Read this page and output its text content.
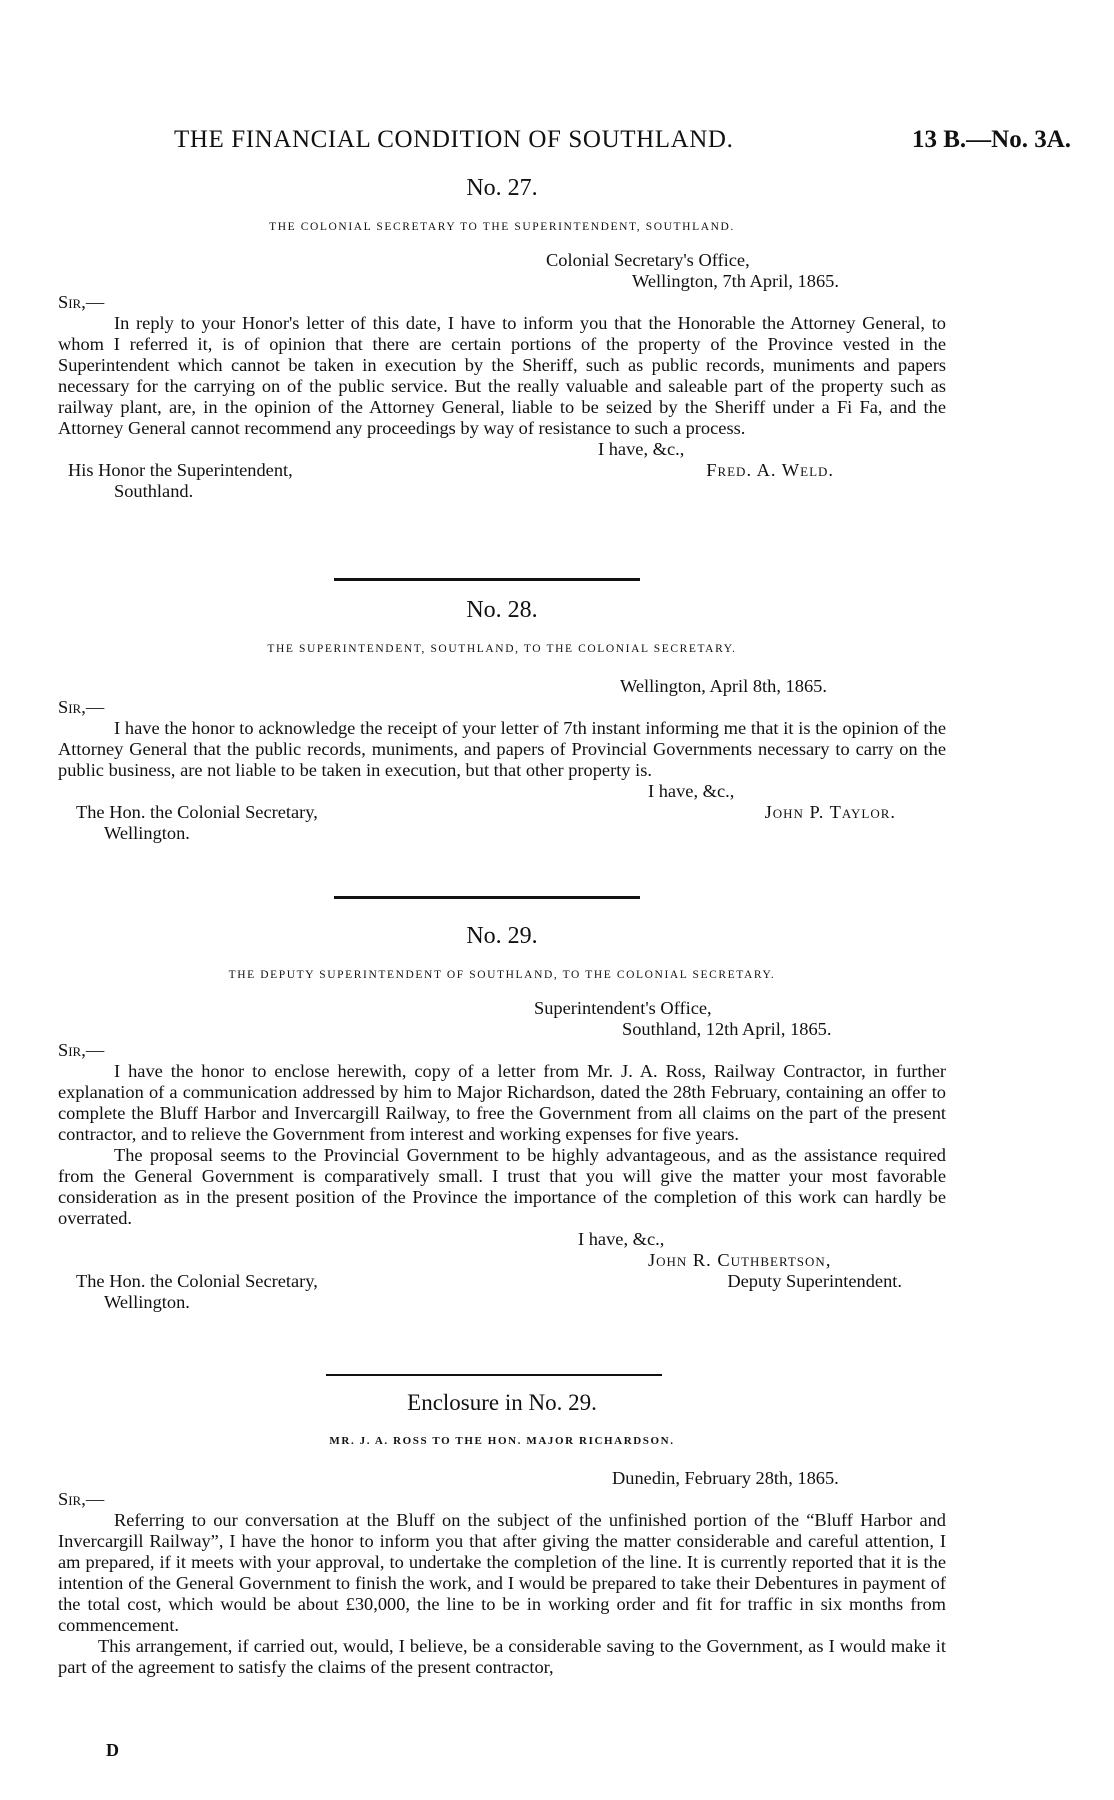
THE FINANCIAL CONDITION OF SOUTHLAND.	13 B.—No. 3A.
No. 27.
THE COLONIAL SECRETARY TO THE SUPERINTENDENT, SOUTHLAND.
Colonial Secretary's Office,
Wellington, 7th April, 1865.
Sir,—

In reply to your Honor's letter of this date, I have to inform you that the Honorable the Attorney General, to whom I referred it, is of opinion that there are certain portions of the property of the Province vested in the Superintendent which cannot be taken in execution by the Sheriff, such as public records, muniments and papers necessary for the carrying on of the public service. But the really valuable and saleable part of the property such as railway plant, are, in the opinion of the Attorney General, liable to be seized by the Sheriff under a Fi Fa, and the Attorney General cannot recommend any proceedings by way of resistance to such a process.

I have, &c.,
His Honor the Superintendent,
Southland.
Fred. A. Weld.
No. 28.
THE SUPERINTENDENT, SOUTHLAND, TO THE COLONIAL SECRETARY.
Wellington, April 8th, 1865.
Sir,—

I have the honor to acknowledge the receipt of your letter of 7th instant informing me that it is the opinion of the Attorney General that the public records, muniments, and papers of Provincial Governments necessary to carry on the public business, are not liable to be taken in execution, but that other property is.

I have, &c.,
The Hon. the Colonial Secretary,
Wellington.
John P. Taylor.
No. 29.
THE DEPUTY SUPERINTENDENT OF SOUTHLAND, TO THE COLONIAL SECRETARY.
Superintendent's Office,
Southland, 12th April, 1865.
Sir,—

I have the honor to enclose herewith, copy of a letter from Mr. J. A. Ross, Railway Contractor, in further explanation of a communication addressed by him to Major Richardson, dated the 28th February, containing an offer to complete the Bluff Harbor and Invercargill Railway, to free the Government from all claims on the part of the present contractor, and to relieve the Government from interest and working expenses for five years.

The proposal seems to the Provincial Government to be highly advantageous, and as the assistance required from the General Government is comparatively small. I trust that you will give the matter your most favorable consideration as in the present position of the Province the importance of the completion of this work can hardly be overrated.

I have, &c.,
John R. Cuthbertson,
The Hon. the Colonial Secretary,
Wellington.
Deputy Superintendent.
Enclosure in No. 29.
MR. J. A. ROSS TO THE HON. MAJOR RICHARDSON.
Dunedin, February 28th, 1865.
Sir,—

Referring to our conversation at the Bluff on the subject of the unfinished portion of the “Bluff Harbor and Invercargill Railway”, I have the honor to inform you that after giving the matter considerable and careful attention, I am prepared, if it meets with your approval, to undertake the completion of the line. It is currently reported that it is the intention of the General Government to finish the work, and I would be prepared to take their Debentures in payment of the total cost, which would be about £30,000, the line to be in working order and fit for traffic in six months from commencement.

This arrangement, if carried out, would, I believe, be a considerable saving to the Government, as I would make it part of the agreement to satisfy the claims of the present contractor,

D
